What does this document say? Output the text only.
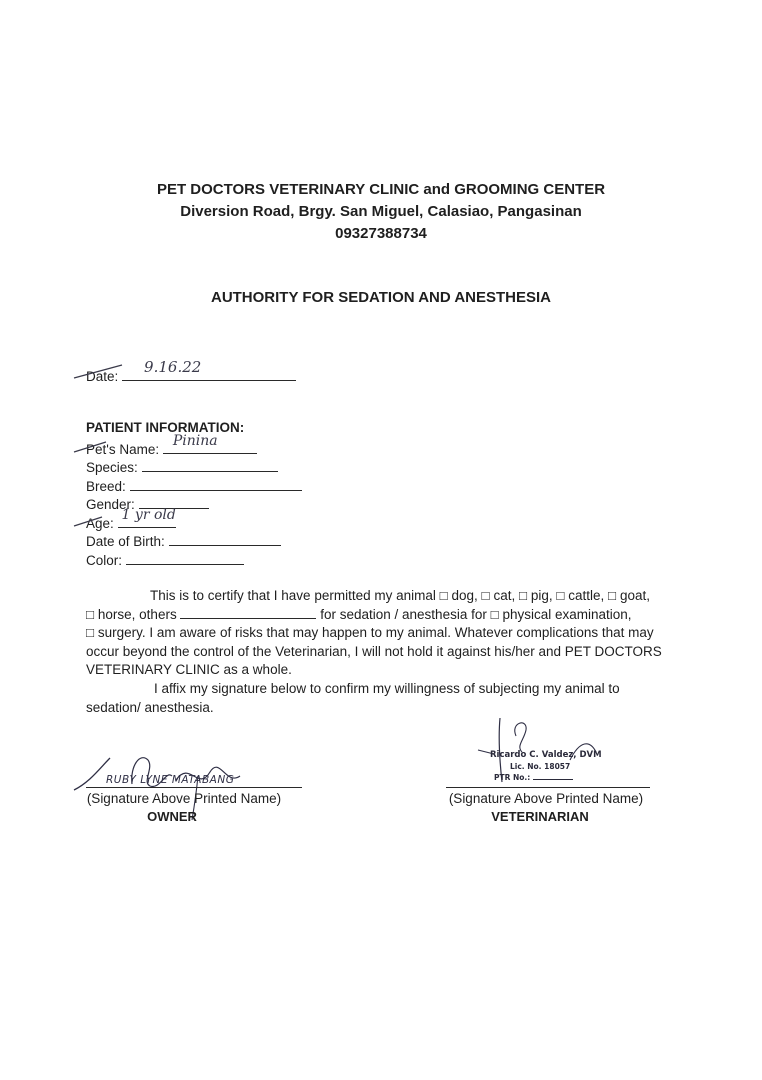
PET DOCTORS VETERINARY CLINIC and GROOMING CENTER
Diversion Road, Brgy. San Miguel, Calasiao, Pangasinan
09327388734
AUTHORITY FOR SEDATION AND ANESTHESIA
Date:
9.16.22
PATIENT INFORMATION:
Pet's Name:
Pinina
Species:
Breed:
Gender:
Age:
1 yr old
Date of Birth:
Color:
This is to certify that I have permitted my animal □ dog, □ cat, □ pig, □ cattle, □ goat,
□ horse, others	for sedation / anesthesia for □ physical examination,
□ surgery. I am aware of risks that may happen to my animal. Whatever complications that may
occur beyond the control of the Veterinarian, I will not hold it against his/her and PET DOCTORS
VETERINARY CLINIC as a whole.
I affix my signature below to confirm my willingness of subjecting my animal to
sedation/ anesthesia.
RUBY LYNE MATABANG
(Signature Above Printed Name)
OWNER
Ricardo C. Valdez, DVM
Lic. No. 18057
PTR No.:
(Signature Above Printed Name)
VETERINARIAN
